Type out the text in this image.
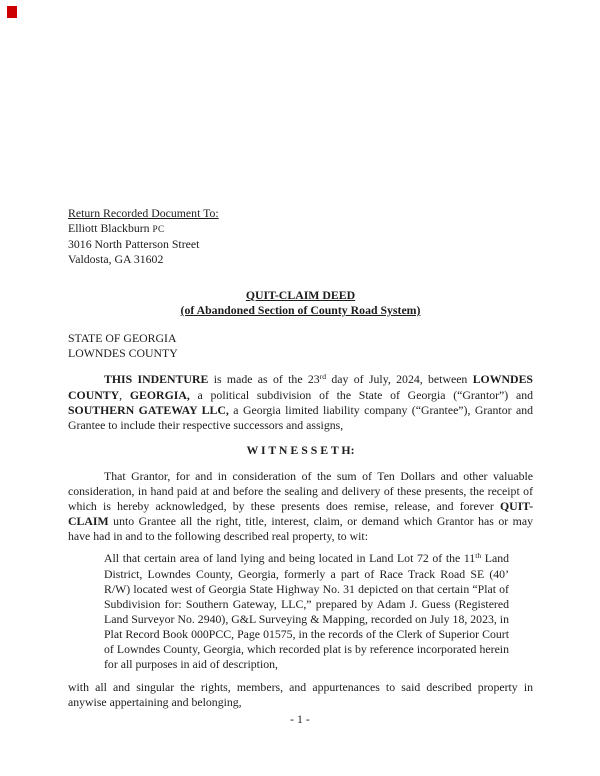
Return Recorded Document To:
Elliott Blackburn PC
3016 North Patterson Street
Valdosta, GA 31602
QUIT-CLAIM DEED
(of Abandoned Section of County Road System)
STATE OF GEORGIA
LOWNDES COUNTY
THIS INDENTURE is made as of the 23rd day of July, 2024, between LOWNDES COUNTY, GEORGIA, a political subdivision of the State of Georgia (“Grantor”) and SOUTHERN GATEWAY LLC, a Georgia limited liability company (“Grantee”), Grantor and Grantee to include their respective successors and assigns,
W I T N E S S E T H:
That Grantor, for and in consideration of the sum of Ten Dollars and other valuable consideration, in hand paid at and before the sealing and delivery of these presents, the receipt of which is hereby acknowledged, by these presents does remise, release, and forever QUIT-CLAIM unto Grantee all the right, title, interest, claim, or demand which Grantor has or may have had in and to the following described real property, to wit:
All that certain area of land lying and being located in Land Lot 72 of the 11th Land District, Lowndes County, Georgia, formerly a part of Race Track Road SE (40’ R/W) located west of Georgia State Highway No. 31 depicted on that certain “Plat of Subdivision for: Southern Gateway, LLC,” prepared by Adam J. Guess (Registered Land Surveyor No. 2940), G&L Surveying & Mapping, recorded on July 18, 2023, in Plat Record Book 000PCC, Page 01575, in the records of the Clerk of Superior Court of Lowndes County, Georgia, which recorded plat is by reference incorporated herein for all purposes in aid of description,
with all and singular the rights, members, and appurtenances to said described property in anywise appertaining and belonging,
- 1 -
